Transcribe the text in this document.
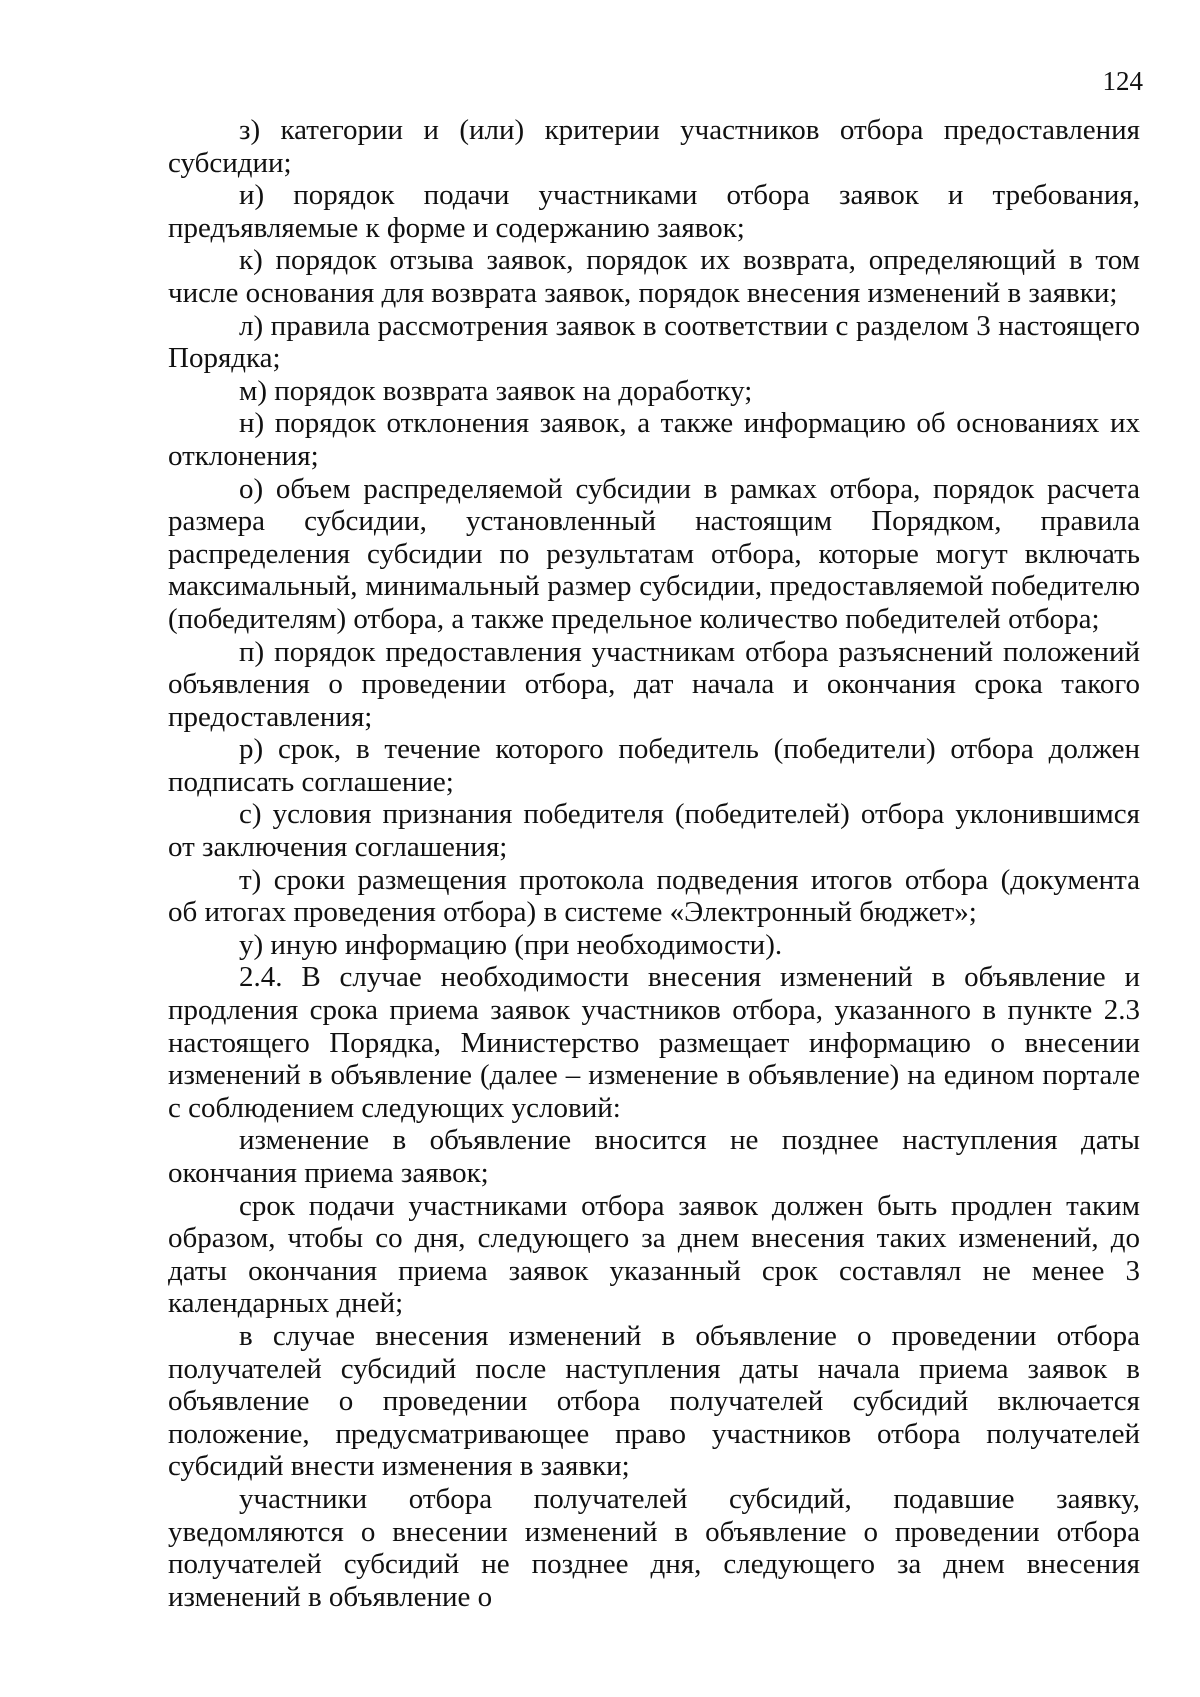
124

з) категории и (или) критерии участников отбора предоставления субсидии;

и) порядок подачи участниками отбора заявок и требования, предъявляемые к форме и содержанию заявок;

к) порядок отзыва заявок, порядок их возврата, определяющий в том числе основания для возврата заявок, порядок внесения изменений в заявки;

л) правила рассмотрения заявок в соответствии с разделом 3 настоящего Порядка;

м) порядок возврата заявок на доработку;

н) порядок отклонения заявок, а также информацию об основаниях их отклонения;

о) объем распределяемой субсидии в рамках отбора, порядок расчета размера субсидии, установленный настоящим Порядком, правила распределения субсидии по результатам отбора, которые могут включать максимальный, минимальный размер субсидии, предоставляемой победителю (победителям) отбора, а также предельное количество победителей отбора;

п) порядок предоставления участникам отбора разъяснений положений объявления о проведении отбора, дат начала и окончания срока такого предоставления;

р) срок, в течение которого победитель (победители) отбора должен подписать соглашение;

с) условия признания победителя (победителей) отбора уклонившимся от заключения соглашения;

т) сроки размещения протокола подведения итогов отбора (документа об итогах проведения отбора) в системе «Электронный бюджет»;

у) иную информацию (при необходимости).

2.4. В случае необходимости внесения изменений в объявление и продления срока приема заявок участников отбора, указанного в пункте 2.3 настоящего Порядка, Министерство размещает информацию о внесении изменений в объявление (далее – изменение в объявление) на едином портале с соблюдением следующих условий:

изменение в объявление вносится не позднее наступления даты окончания приема заявок;

срок подачи участниками отбора заявок должен быть продлен таким образом, чтобы со дня, следующего за днем внесения таких изменений, до даты окончания приема заявок указанный срок составлял не менее 3 календарных дней;

в случае внесения изменений в объявление о проведении отбора получателей субсидий после наступления даты начала приема заявок в объявление о проведении отбора получателей субсидий включается положение, предусматривающее право участников отбора получателей субсидий внести изменения в заявки;

участники отбора получателей субсидий, подавшие заявку, уведомляются о внесении изменений в объявление о проведении отбора получателей субсидий не позднее дня, следующего за днем внесения изменений в объявление о
